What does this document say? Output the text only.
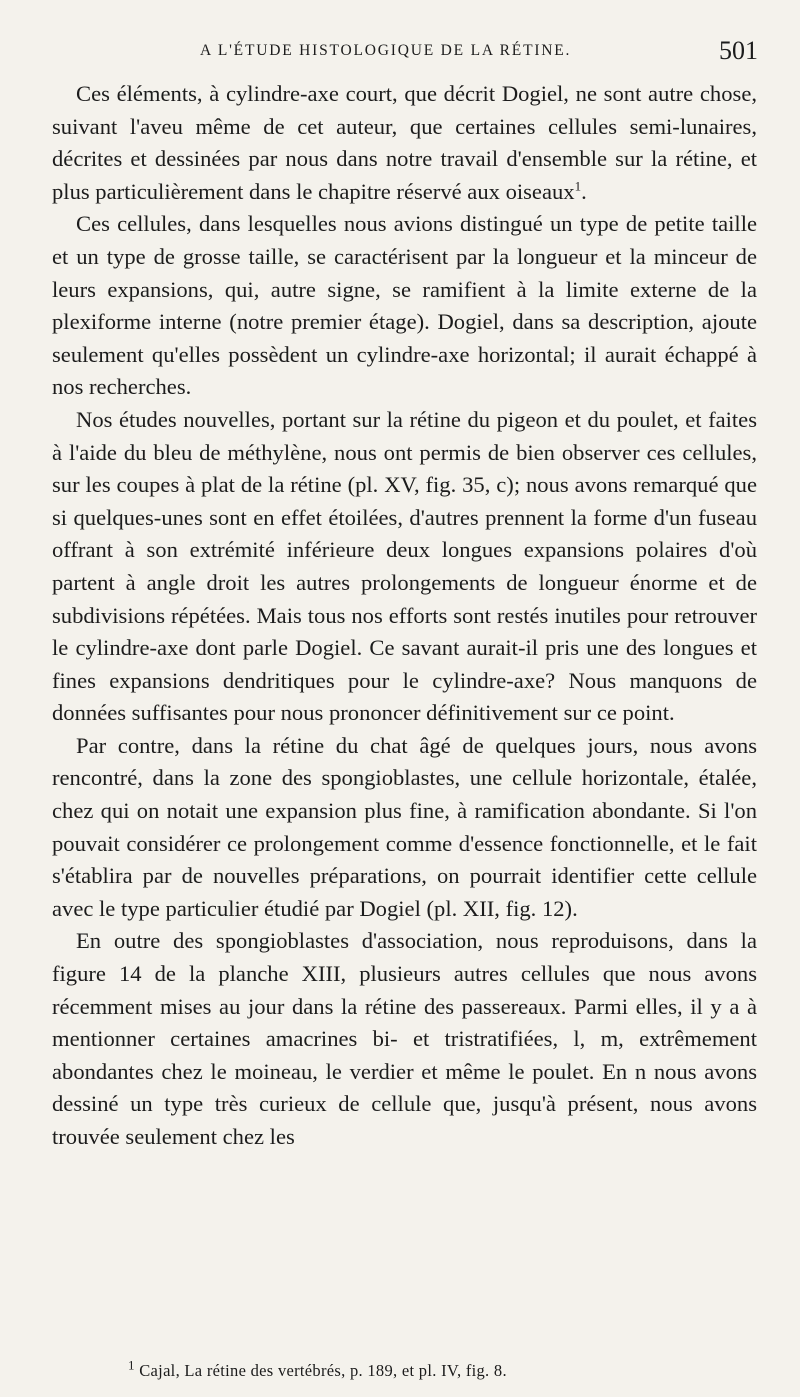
A L'ÉTUDE HISTOLOGIQUE DE LA RÉTINE.	501

Ces éléments, à cylindre-axe court, que décrit Dogiel, ne sont autre chose, suivant l'aveu même de cet auteur, que certaines cellules semi-lunaires, décrites et dessinées par nous dans notre travail d'ensemble sur la rétine, et plus particulièrement dans le chapitre réservé aux oiseaux$^1$.

Ces cellules, dans lesquelles nous avions distingué un type de petite taille et un type de grosse taille, se caractérisent par la longueur et la minceur de leurs expansions, qui, autre signe, se ramifient à la limite externe de la plexiforme interne (notre premier étage). Dogiel, dans sa description, ajoute seulement qu'elles possèdent un cylindre-axe horizontal; il aurait échappé à nos recherches.

Nos études nouvelles, portant sur la rétine du pigeon et du poulet, et faites à l'aide du bleu de méthylène, nous ont permis de bien observer ces cellules, sur les coupes à plat de la rétine (pl. XV, fig. 35, c); nous avons remarqué que si quelques-unes sont en effet étoilées, d'autres prennent la forme d'un fuseau offrant à son extrémité inférieure deux longues expansions polaires d'où partent à angle droit les autres prolongements de longueur énorme et de subdivisions répétées. Mais tous nos efforts sont restés inutiles pour retrouver le cylindre-axe dont parle Dogiel. Ce savant aurait-il pris une des longues et fines expansions dendritiques pour le cylindre-axe? Nous manquons de données suffisantes pour nous prononcer définitivement sur ce point.

Par contre, dans la rétine du chat âgé de quelques jours, nous avons rencontré, dans la zone des spongioblastes, une cellule horizontale, étalée, chez qui on notait une expansion plus fine, à ramification abondante. Si l'on pouvait considérer ce prolongement comme d'essence fonctionnelle, et le fait s'établira par de nouvelles préparations, on pourrait identifier cette cellule avec le type particulier étudié par Dogiel (pl. XII, fig. 12).

En outre des spongioblastes d'association, nous reproduisons, dans la figure 14 de la planche XIII, plusieurs autres cellules que nous avons récemment mises au jour dans la rétine des passereaux. Parmi elles, il y a à mentionner certaines amacrines bi- et tristratifiées, l, m, extrêmement abondantes chez le moineau, le verdier et même le poulet. En n nous avons dessiné un type très curieux de cellule que, jusqu'à présent, nous avons trouvée seulement chez les

$^1$ Cajal, La rétine des vertébrés, p. 189, et pl. IV, fig. 8.
